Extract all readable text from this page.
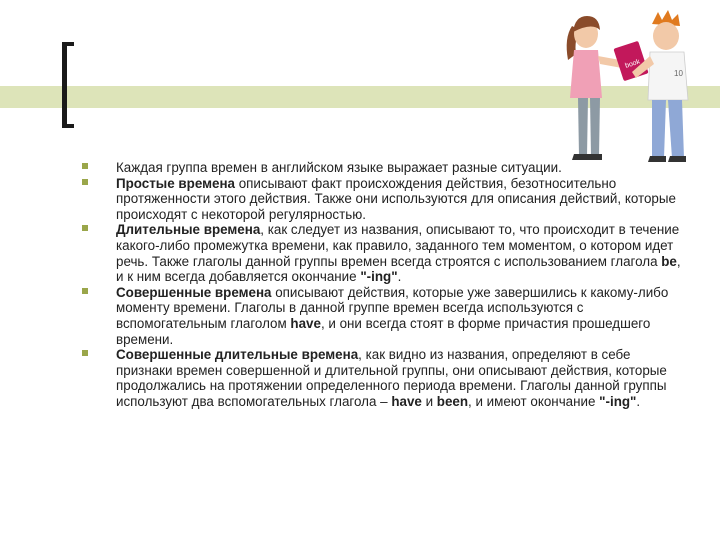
book
10
Каждая группа времен в английском языке выражает разные ситуации.
Простые времена описывают факт происхождения действия, безотносительно протяженности этого действия. Также они используются для описания действий, которые происходят с некоторой регулярностью.
Длительные времена, как следует из названия, описывают то, что происходит в течение какого-либо промежутка времени, как правило, заданного тем моментом, о котором идет речь. Также глаголы данной группы времен всегда строятся с использованием глагола be, и к ним всегда добавляется окончание "-ing".
Совершенные времена описывают действия, которые уже завершились к какому-либо моменту времени. Глаголы в данной группе времен всегда используются с вспомогательным глаголом have, и они всегда стоят в форме причастия прошедшего времени.
Совершенные длительные времена, как видно из названия, определяют в себе признаки времен совершенной и длительной группы, они описывают действия, которые продолжались на протяжении определенного периода времени. Глаголы данной группы используют два вспомогательных глагола – have и been, и имеют окончание "-ing".
